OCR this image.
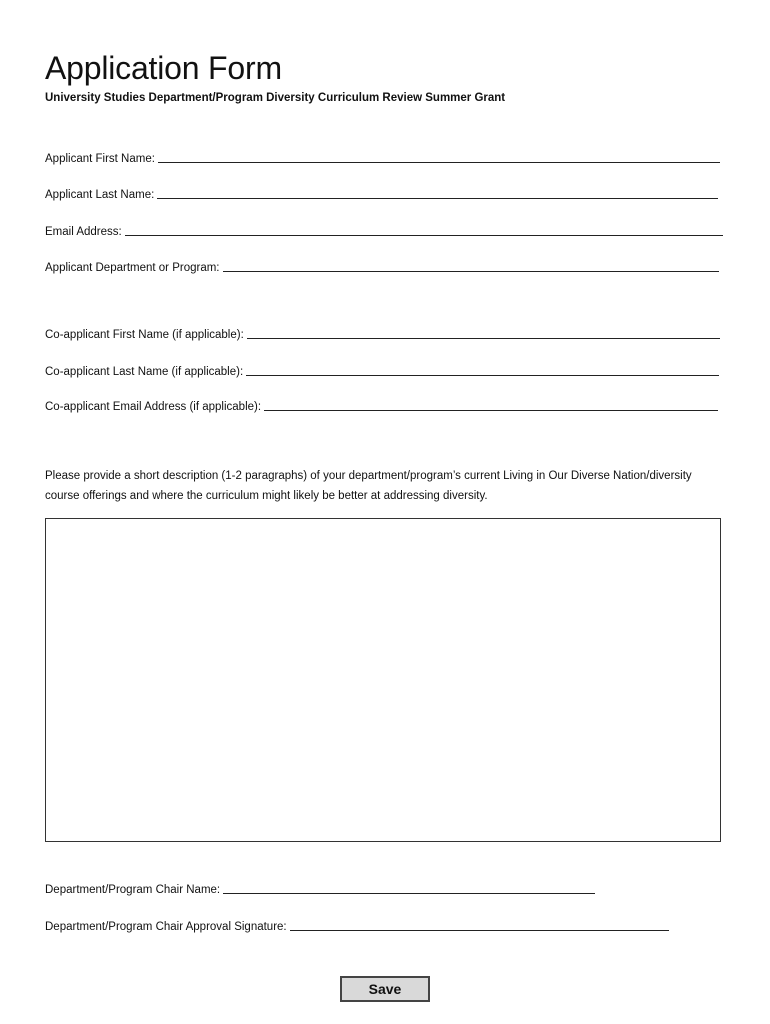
Application Form
University Studies Department/Program Diversity Curriculum Review Summer Grant
Applicant First Name:
Applicant Last Name:
Email Address:
Applicant Department or Program:
Co-applicant First Name (if applicable):
Co-applicant Last Name (if applicable):
Co-applicant Email Address (if applicable):
Please provide a short description (1-2 paragraphs) of your department/program’s current Living in Our Diverse Nation/diversity course offerings and where the curriculum might likely be better at addressing diversity.
Department/Program Chair Name:
Department/Program Chair Approval Signature:
Save
